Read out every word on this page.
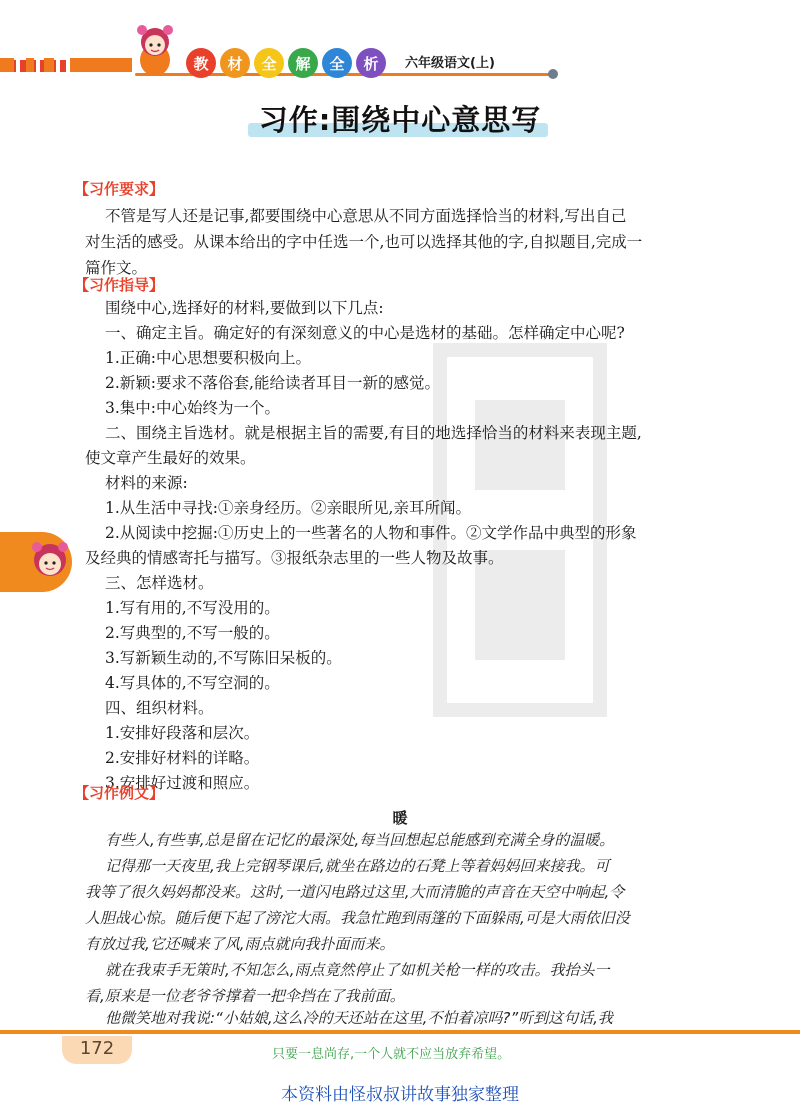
教	材	全	解	全	析	六年级语文(上)
习作:围绕中心意思写
【习作要求】
不管是写人还是记事,都要围绕中心意思从不同方面选择恰当的材料,写出自己
对生活的感受。从课本给出的字中任选一个,也可以选择其他的字,自拟题目,完成一
篇作文。
【习作指导】
围绕中心,选择好的材料,要做到以下几点:
一、确定主旨。确定好的有深刻意义的中心是选材的基础。怎样确定中心呢?
1.正确:中心思想要积极向上。
2.新颖:要求不落俗套,能给读者耳目一新的感觉。
3.集中:中心始终为一个。
二、围绕主旨选材。就是根据主旨的需要,有目的地选择恰当的材料来表现主题,
使文章产生最好的效果。
材料的来源:
1.从生活中寻找:①亲身经历。②亲眼所见,亲耳所闻。
2.从阅读中挖掘:①历史上的一些著名的人物和事件。②文学作品中典型的形象
及经典的情感寄托与描写。③报纸杂志里的一些人物及故事。
三、怎样选材。
1.写有用的,不写没用的。
2.写典型的,不写一般的。
3.写新颖生动的,不写陈旧呆板的。
4.写具体的,不写空洞的。
四、组织材料。
1.安排好段落和层次。
2.安排好材料的详略。
3.安排好过渡和照应。
【习作例文】
暖
有些人,有些事,总是留在记忆的最深处,每当回想起总能感到充满全身的温暖。
记得那一天夜里,我上完钢琴课后,就坐在路边的石凳上等着妈妈回来接我。可
我等了很久妈妈都没来。这时,一道闪电路过这里,大而清脆的声音在天空中响起,令
人胆战心惊。随后便下起了滂沱大雨。我急忙跑到雨篷的下面躲雨,可是大雨依旧没
有放过我,它还喊来了风,雨点就向我扑面而来。
就在我束手无策时,不知怎么,雨点竟然停止了如机关枪一样的攻击。我抬头一
看,原来是一位老爷爷撑着一把伞挡在了我前面。
他微笑地对我说:“小姑娘,这么冷的天还站在这里,不怕着凉吗?”听到这句话,我
172	只要一息尚存,一个人就不应当放弃希望。
本资料由怪叔叔讲故事独家整理
